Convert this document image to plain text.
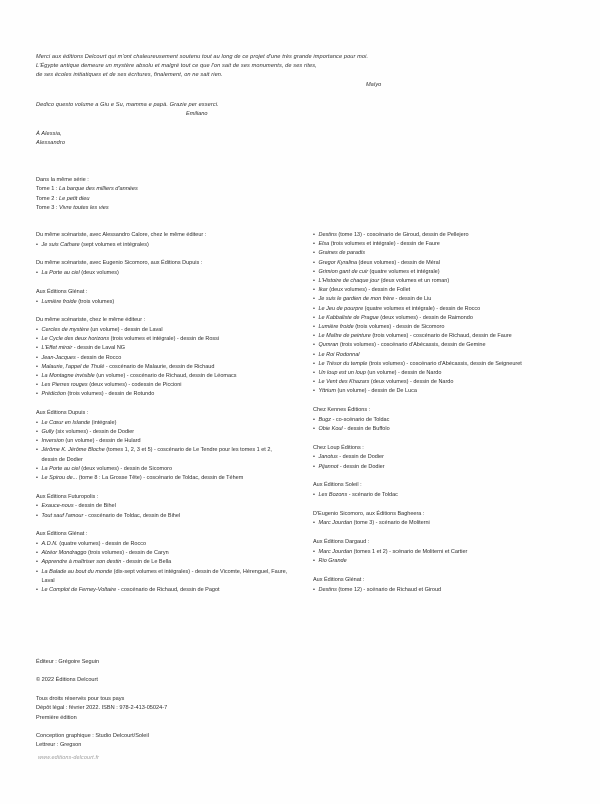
Merci aux éditions Delcourt qui m'ont chaleureusement soutenu tout au long de ce projet d'une très grande importance pour moi.
L'Égypte antique demeure un mystère absolu et malgré tout ce que l'on sait de ses monuments, de ses rites,
de ses écoles initiatiques et de ses écritures, finalement, on ne sait rien.
Maïyo
Dedico questo volume a Giu e Su, mamma e papà. Grazie per esserci.
Emiliano
À Alessia,
Alessandro
Dans la même série :
Tome 1 : La barque des milliers d'années
Tome 2 : Le petit dieu
Tome 3 : Vivre toutes les vies
Du même scénariste, avec Alessandro Calore, chez le même éditeur :
• Je suis Cathare (sept volumes et intégrales)
Du même scénariste, avec Eugenio Sicomoro, aux Éditions Dupuis :
• La Porte au ciel (deux volumes)
Aux Éditions Glénat :
• Lumière froide (trois volumes)
Du même scénariste, chez le même éditeur :
• Cercles de mystère (un volume) - dessin de Laval
• Le Cycle des deux horizons (trois volumes et intégrale) - dessin de Rossi
• L'Effet miroir - dessin de Laval NG
• Jean-Jacques - dessin de Rocco
• Malaurie, l'appel de Thulé - coscénario de Malaurie, dessin de Richaud
• La Montagne invisible (un volume) - coscénario de Richaud, dessin de Léomacs
• Les Pierres rouges (deux volumes) - codessin de Piccioni
• Prédiction (trois volumes) - dessin de Rotundo
Aux Éditions Dupuis :
• Le Cœur en Islande (intégrale)
• Gully (six volumes) - dessin de Dodier
• Inversion (un volume) - dessin de Hulard
• Jérôme K. Jérôme Bloche (tomes 1, 2, 3 et 5) - coscénario de Le Tendre pour les tomes 1 et 2, dessin de Dodier
• La Porte au ciel (deux volumes) - dessin de Sicomoro
• Le Spirou de... (tome 8 : La Grosse Tête) - coscénario de Toldac, dessin de Téhem
Aux Éditions Futuropolis :
• Exauce-nous - dessin de Bihel
• Tout sauf l'amour - coscénario de Toldac, dessin de Bihel
Aux Éditions Glénat :
• A.D.N. (quatre volumes) - dessin de Rocco
• Alzéor Mondraggo (trois volumes) - dessin de Caryn
• Apprendre à maîtriser son destin - dessin de Le Bella
• La Balade au bout du monde (dix-sept volumes et intégrales) - dessin de Vicomte, Hérenguel, Faure, Laval
• Le Complot de Ferney-Voltaire - coscénario de Richaud, dessin de Pagot
• Destins (tome 13) - coscénario de Giroud, dessin de Pellejero
• Elsa (trois volumes et intégrale) - dessin de Faure
• Graines de paradis
• Gregor Kyralina (deux volumes) - dessin de Méral
• Grimion gant de cuir (quatre volumes et intégrale)
• L'Histoire de chaque jour (deux volumes et un roman)
• Ikar (deux volumes) - dessin de Follet
• Je suis le gardien de mon frère - dessin de Liu
• Le Jeu de pourpre (quatre volumes et intégrale) - dessin de Rocco
• Le Kabbaliste de Prague (deux volumes) - dessin de Raimondo
• Lumière froide (trois volumes) - dessin de Sicomoro
• Le Maître de peinture (trois volumes) - coscénario de Richaud, dessin de Faure
• Qumran (trois volumes) - coscénario d'Abécassis, dessin de Gemine
• Le Roi Rodonnal
• Le Trésor du temple (trois volumes) - coscénario d'Abécassis, dessin de Seigneuret
• Un loup est un loup (un volume) - dessin de Nardo
• Le Vent des Khazars (deux volumes) - dessin de Nardo
• Yttrium (un volume) - dessin de De Luca
Chez Kennes Éditions :
• Bugz - co-scénario de Toldac
• Obie Koul - dessin de Buffolo
Chez Loup Éditions :
• Janotus - dessin de Dodier
• Pijannot - dessin de Dodier
Aux Éditions Soleil :
• Les Bozons - scénario de Toldac
D'Eugenio Sicomoro, aux Éditions Bagheera :
• Marc Jourdan (tome 3) - scénario de Moliterni
Aux Éditions Dargaud :
• Marc Jourdan (tomes 1 et 2) - scénario de Moliterni et Cartier
• Rio Grande
Aux Éditions Glénat :
• Destins (tome 12) - scénario de Richaud et Giroud
Éditeur : Grégoire Seguin
© 2022 Éditions Delcourt
Tous droits réservés pour tous pays
Dépôt légal : février 2022. ISBN : 978-2-413-05024-7
Première édition
Conception graphique : Studio Delcourt/Soleil
Lettreur : Gregson
www.editions-delcourt.fr
